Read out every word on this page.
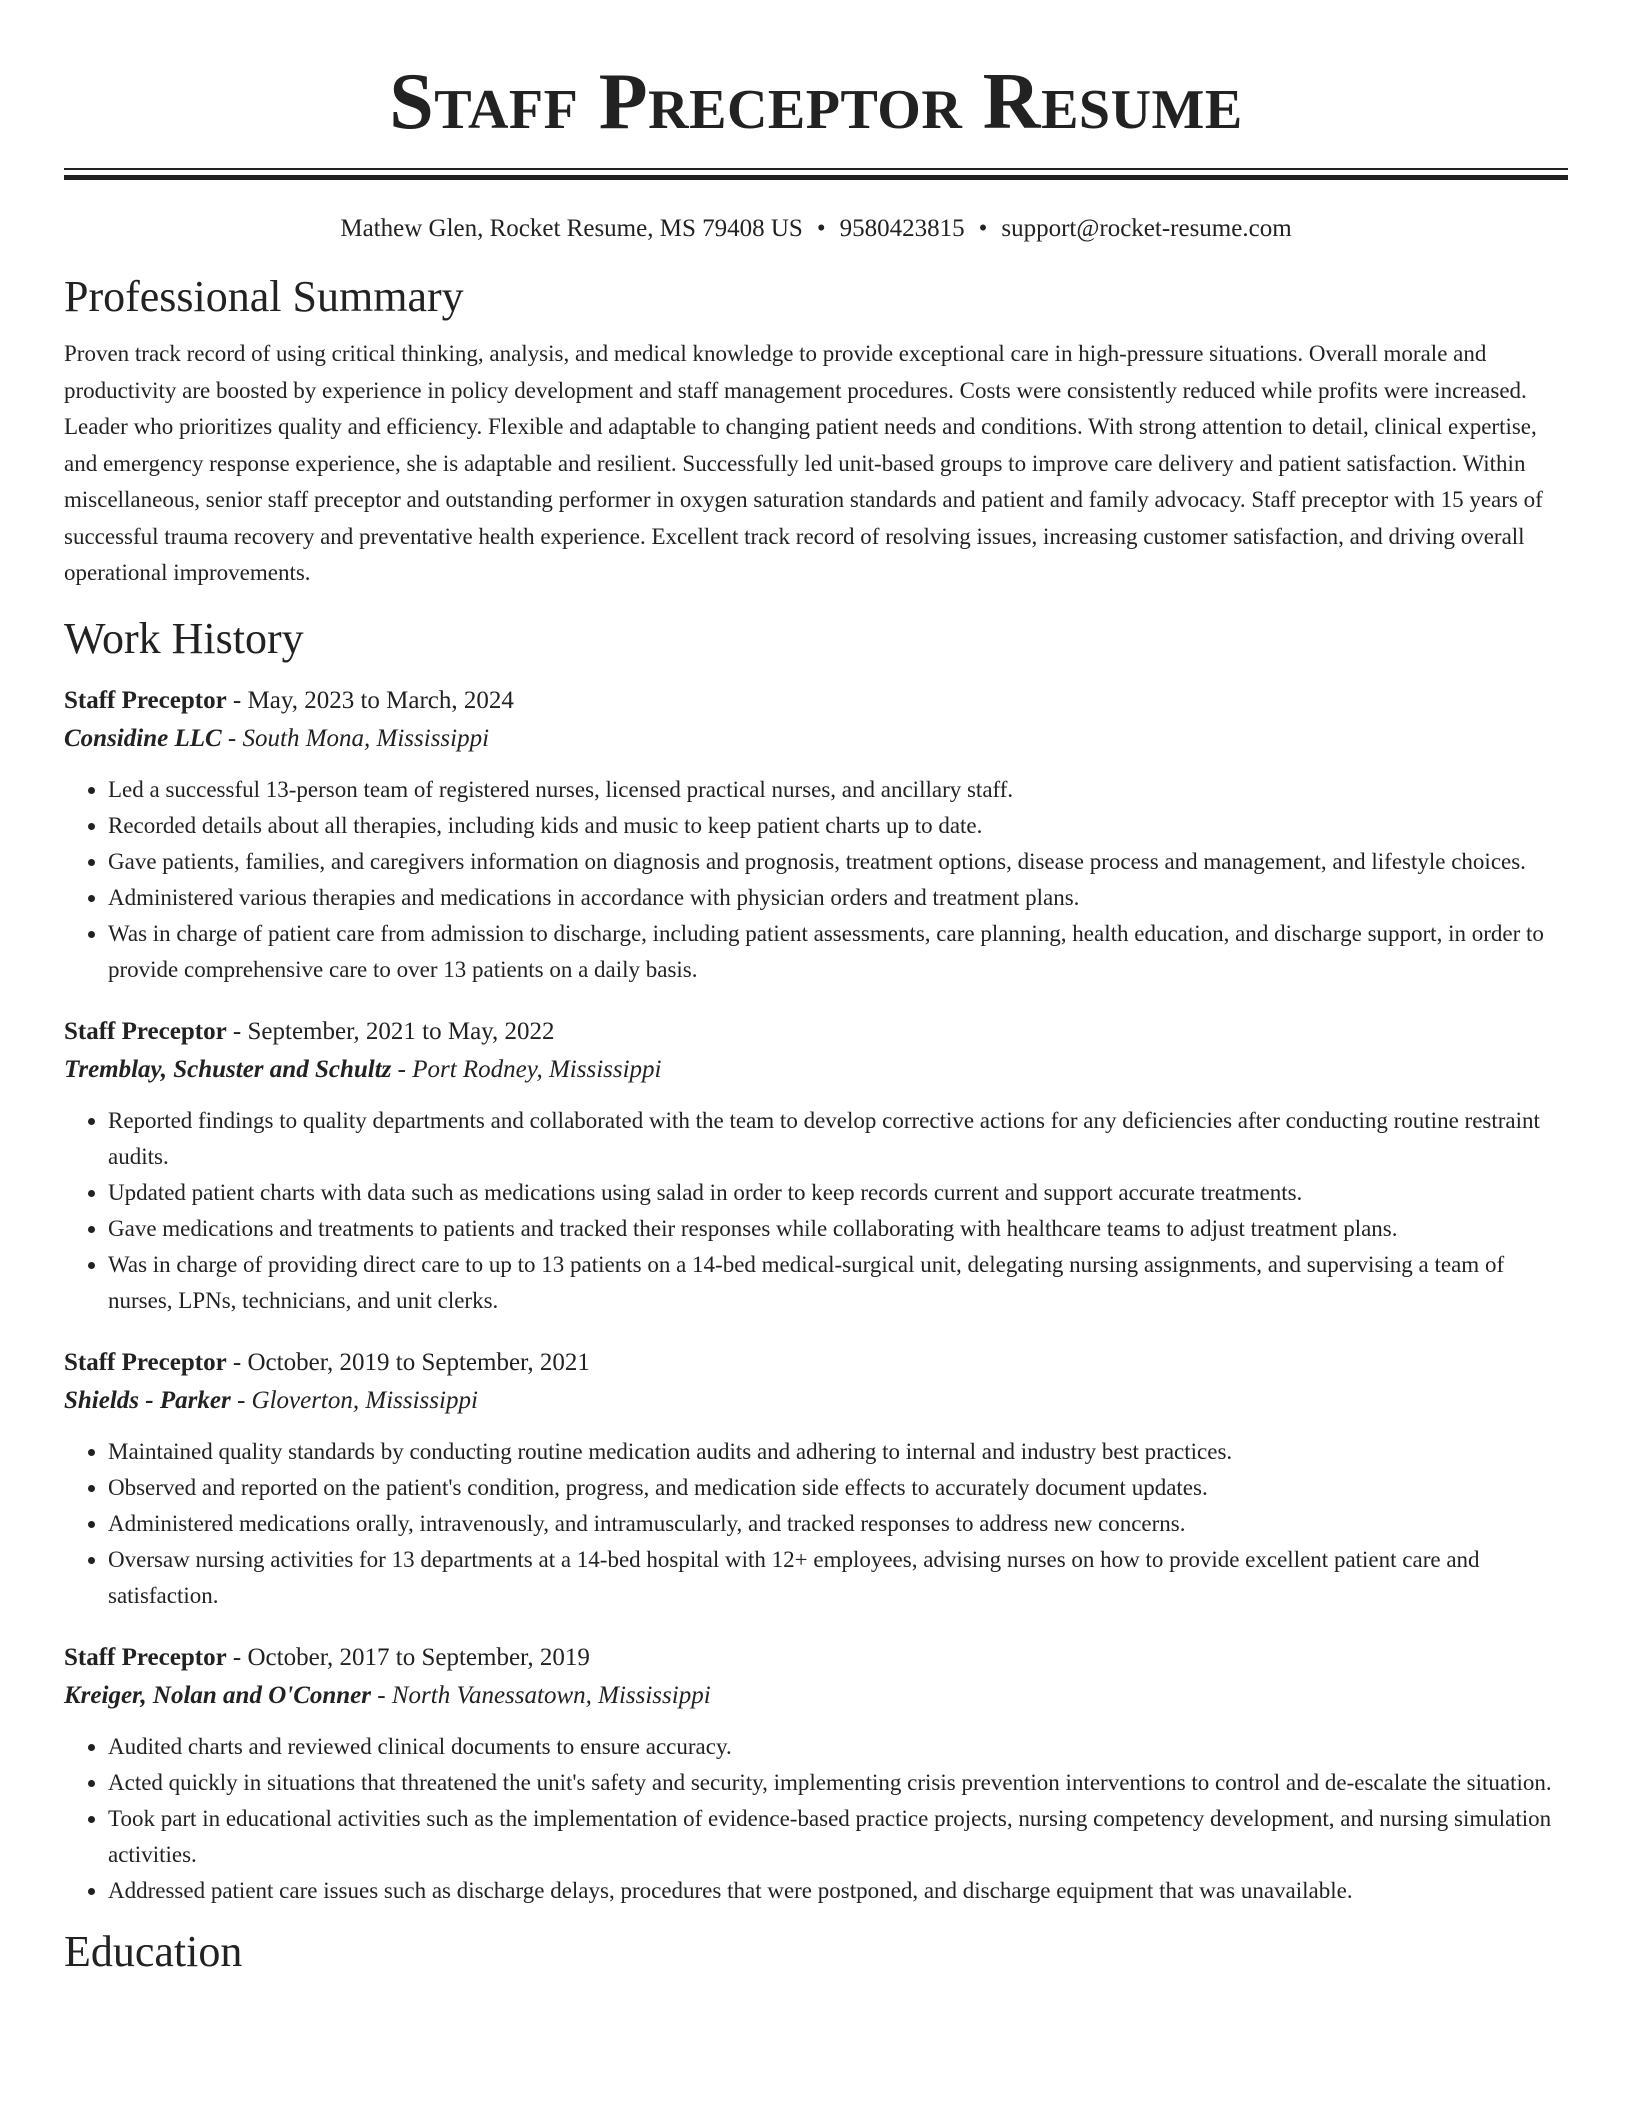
Staff Preceptor Resume
Mathew Glen, Rocket Resume, MS 79408 US • 9580423815 • support@rocket-resume.com
Professional Summary

Proven track record of using critical thinking, analysis, and medical knowledge to provide exceptional care in high-pressure situations. Overall morale and productivity are boosted by experience in policy development and staff management procedures. Costs were consistently reduced while profits were increased. Leader who prioritizes quality and efficiency. Flexible and adaptable to changing patient needs and conditions. With strong attention to detail, clinical expertise, and emergency response experience, she is adaptable and resilient. Successfully led unit-based groups to improve care delivery and patient satisfaction. Within miscellaneous, senior staff preceptor and outstanding performer in oxygen saturation standards and patient and family advocacy. Staff preceptor with 15 years of successful trauma recovery and preventative health experience. Excellent track record of resolving issues, increasing customer satisfaction, and driving overall operational improvements.

Work History
Staff Preceptor - May, 2023 to March, 2024
Considine LLC - South Mona, Mississippi
• Led a successful 13-person team of registered nurses, licensed practical nurses, and ancillary staff.
• Recorded details about all therapies, including kids and music to keep patient charts up to date.
• Gave patients, families, and caregivers information on diagnosis and prognosis, treatment options, disease process and management, and lifestyle choices.
• Administered various therapies and medications in accordance with physician orders and treatment plans.
• Was in charge of patient care from admission to discharge, including patient assessments, care planning, health education, and discharge support, in order to provide comprehensive care to over 13 patients on a daily basis.
Staff Preceptor - September, 2021 to May, 2022
Tremblay, Schuster and Schultz - Port Rodney, Mississippi
• Reported findings to quality departments and collaborated with the team to develop corrective actions for any deficiencies after conducting routine restraint audits.
• Updated patient charts with data such as medications using salad in order to keep records current and support accurate treatments.
• Gave medications and treatments to patients and tracked their responses while collaborating with healthcare teams to adjust treatment plans.
• Was in charge of providing direct care to up to 13 patients on a 14-bed medical-surgical unit, delegating nursing assignments, and supervising a team of nurses, LPNs, technicians, and unit clerks.
Staff Preceptor - October, 2019 to September, 2021
Shields - Parker - Gloverton, Mississippi
• Maintained quality standards by conducting routine medication audits and adhering to internal and industry best practices.
• Observed and reported on the patient's condition, progress, and medication side effects to accurately document updates.
• Administered medications orally, intravenously, and intramuscularly, and tracked responses to address new concerns.
• Oversaw nursing activities for 13 departments at a 14-bed hospital with 12+ employees, advising nurses on how to provide excellent patient care and satisfaction.
Staff Preceptor - October, 2017 to September, 2019
Kreiger, Nolan and O'Conner - North Vanessatown, Mississippi
• Audited charts and reviewed clinical documents to ensure accuracy.
• Acted quickly in situations that threatened the unit's safety and security, implementing crisis prevention interventions to control and de-escalate the situation.
• Took part in educational activities such as the implementation of evidence-based practice projects, nursing competency development, and nursing simulation activities.
• Addressed patient care issues such as discharge delays, procedures that were postponed, and discharge equipment that was unavailable.
Education
